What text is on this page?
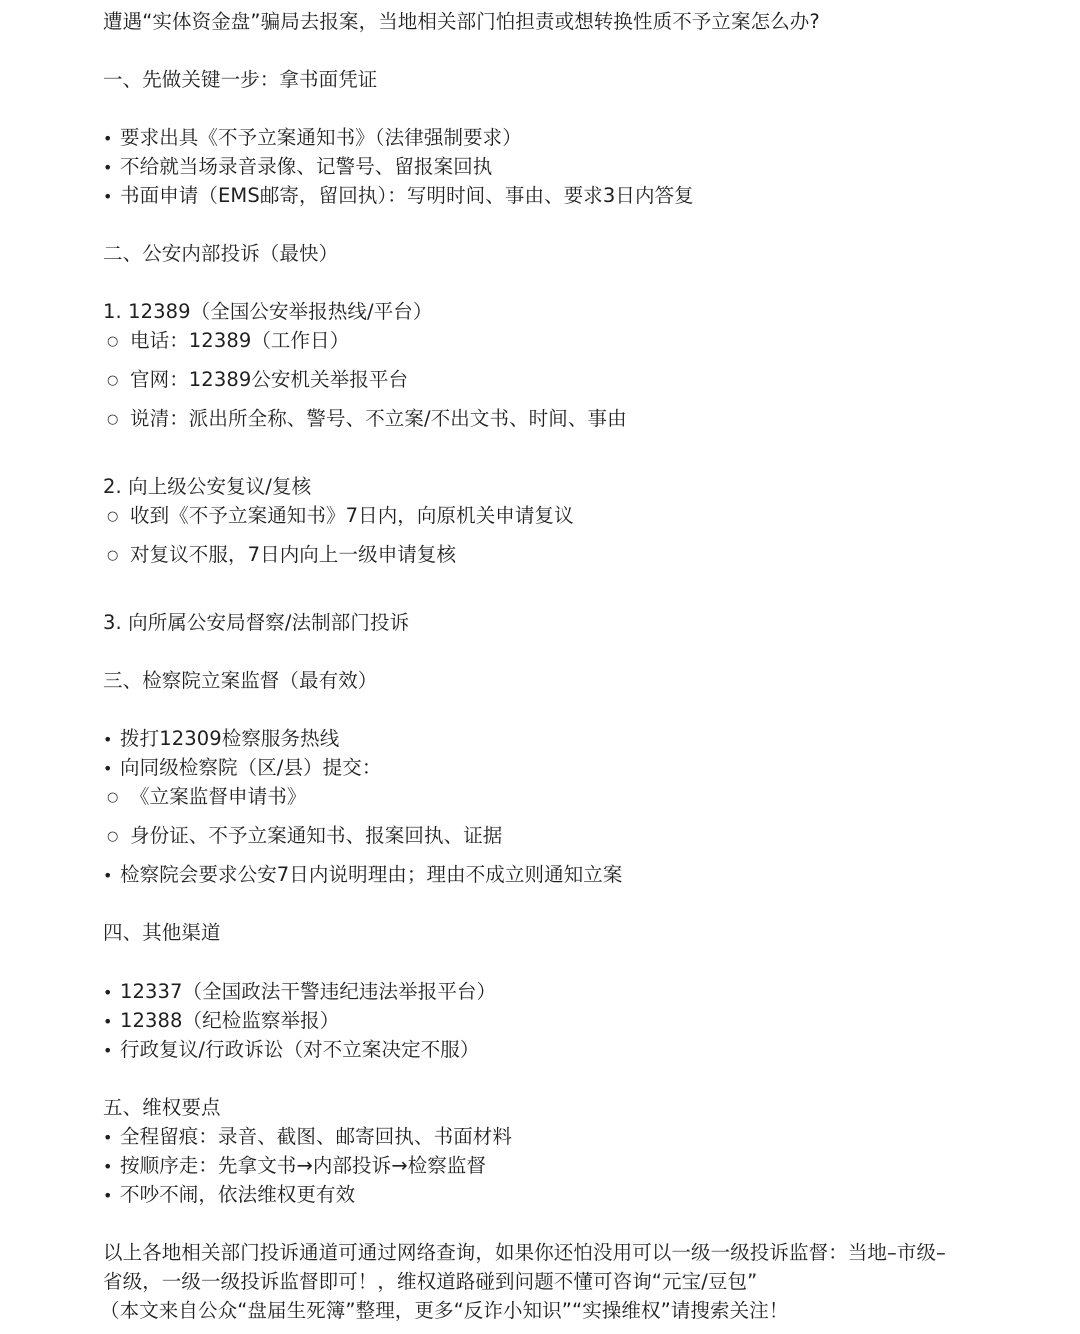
遭遇“实体资金盘”骗局去报案，当地相关部门怕担责或想转换性质不予立案怎么办?
一、先做关键一步：拿书面凭证
• 要求出具《不予立案通知书》（法律强制要求）
• 不给就当场录音录像、记警号、留报案回执
• 书面申请（EMS邮寄，留回执）：写明时间、事由、要求3日内答复
二、公安内部投诉（最快）
1. 12389（全国公安举报热线/平台）
○ 电话：12389（工作日）
○ 官网：12389公安机关举报平台
○ 说清：派出所全称、警号、不立案/不出文书、时间、事由
2. 向上级公安复议/复核
○ 收到《不予立案通知书》7日内，向原机关申请复议
○ 对复议不服，7日内向上一级申请复核
3. 向所属公安局督察/法制部门投诉
三、检察院立案监督（最有效）
• 拨打12309检察服务热线
• 向同级检察院（区/县）提交：
○ 《立案监督申请书》
○ 身份证、不予立案通知书、报案回执、证据
• 检察院会要求公安7日内说明理由；理由不成立则通知立案
四、其他渠道
• 12337（全国政法干警违纪违法举报平台）
• 12388（纪检监察举报）
• 行政复议/行政诉讼（对不立案决定不服）
五、维权要点
• 全程留痕：录音、截图、邮寄回执、书面材料
• 按顺序走：先拿文书→内部投诉→检察监督
• 不吵不闹，依法维权更有效
以上各地相关部门投诉通道可通过网络查询，如果你还怕没用可以一级一级投诉监督：当地–市级–
省级，一级一级投诉监督即可！，维权道路碰到问题不懂可咨询“元宝/豆包”
（本文来自公众“盘届生死簿”整理，更多“反诈小知识”“实操维权”请搜索关注！
